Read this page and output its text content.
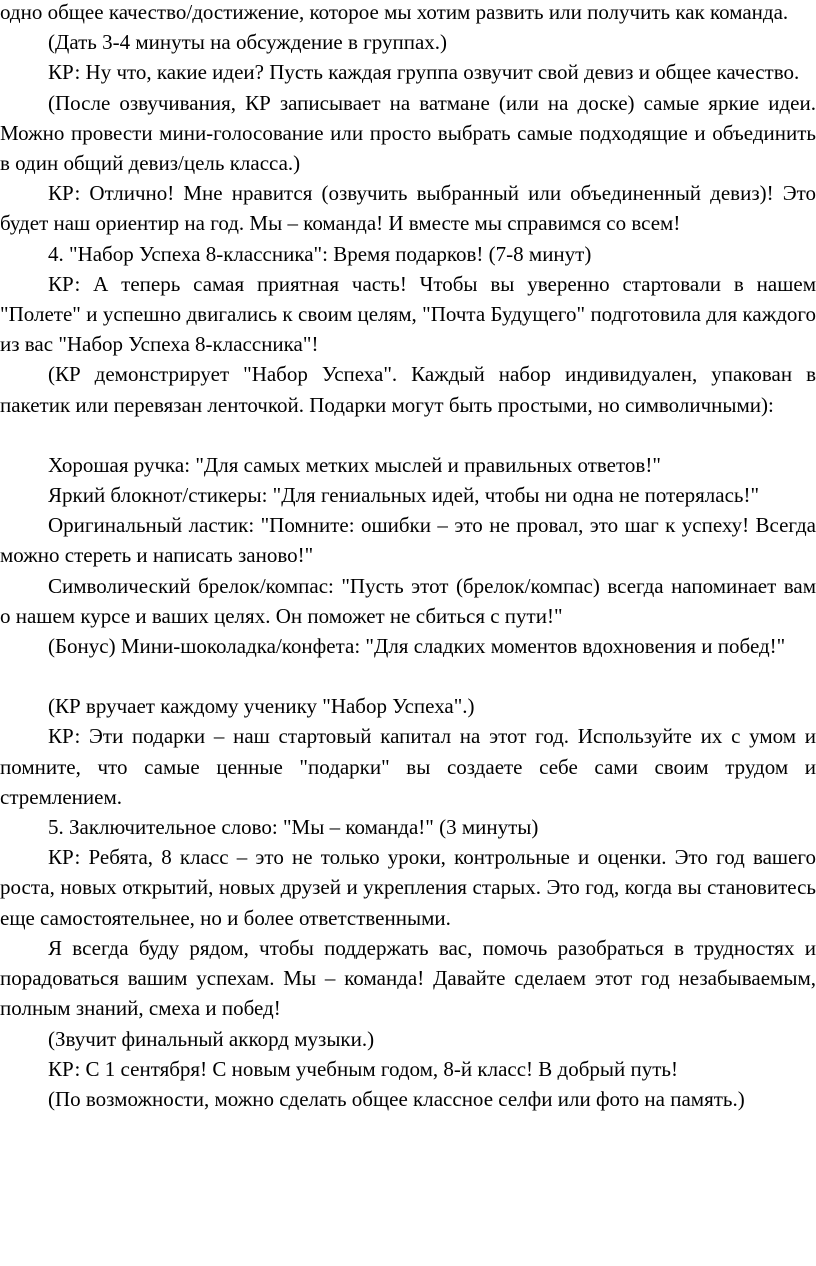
одно общее качество/достижение, которое мы хотим развить или получить как команда.

(Дать 3-4 минуты на обсуждение в группах.)

КР: Ну что, какие идеи? Пусть каждая группа озвучит свой девиз и общее качество.

(После озвучивания, КР записывает на ватмане (или на доске) самые яркие идеи. Можно провести мини-голосование или просто выбрать самые подходящие и объединить в один общий девиз/цель класса.)

КР: Отлично! Мне нравится (озвучить выбранный или объединенный девиз)! Это будет наш ориентир на год. Мы – команда! И вместе мы справимся со всем!

4. "Набор Успеха 8-классника": Время подарков! (7-8 минут)

КР: А теперь самая приятная часть! Чтобы вы уверенно стартовали в нашем "Полете" и успешно двигались к своим целям, "Почта Будущего" подготовила для каждого из вас "Набор Успеха 8-классника"!

(КР демонстрирует "Набор Успеха". Каждый набор индивидуален, упакован в пакетик или перевязан ленточкой. Подарки могут быть простыми, но символичными):

Хорошая ручка: "Для самых метких мыслей и правильных ответов!"

Яркий блокнот/стикеры: "Для гениальных идей, чтобы ни одна не потерялась!"

Оригинальный ластик: "Помните: ошибки – это не провал, это шаг к успеху! Всегда можно стереть и написать заново!"

Символический брелок/компас: "Пусть этот (брелок/компас) всегда напоминает вам о нашем курсе и ваших целях. Он поможет не сбиться с пути!"

(Бонус) Мини-шоколадка/конфета: "Для сладких моментов вдохновения и побед!"

(КР вручает каждому ученику "Набор Успеха".)

КР: Эти подарки – наш стартовый капитал на этот год. Используйте их с умом и помните, что самые ценные "подарки" вы создаете себе сами своим трудом и стремлением.

5. Заключительное слово: "Мы – команда!" (3 минуты)

КР: Ребята, 8 класс – это не только уроки, контрольные и оценки. Это год вашего роста, новых открытий, новых друзей и укрепления старых. Это год, когда вы становитесь еще самостоятельнее, но и более ответственными.

Я всегда буду рядом, чтобы поддержать вас, помочь разобраться в трудностях и порадоваться вашим успехам. Мы – команда! Давайте сделаем этот год незабываемым, полным знаний, смеха и побед!

(Звучит финальный аккорд музыки.)

КР: С 1 сентября! С новым учебным годом, 8-й класс! В добрый путь!

(По возможности, можно сделать общее классное селфи или фото на память.)
